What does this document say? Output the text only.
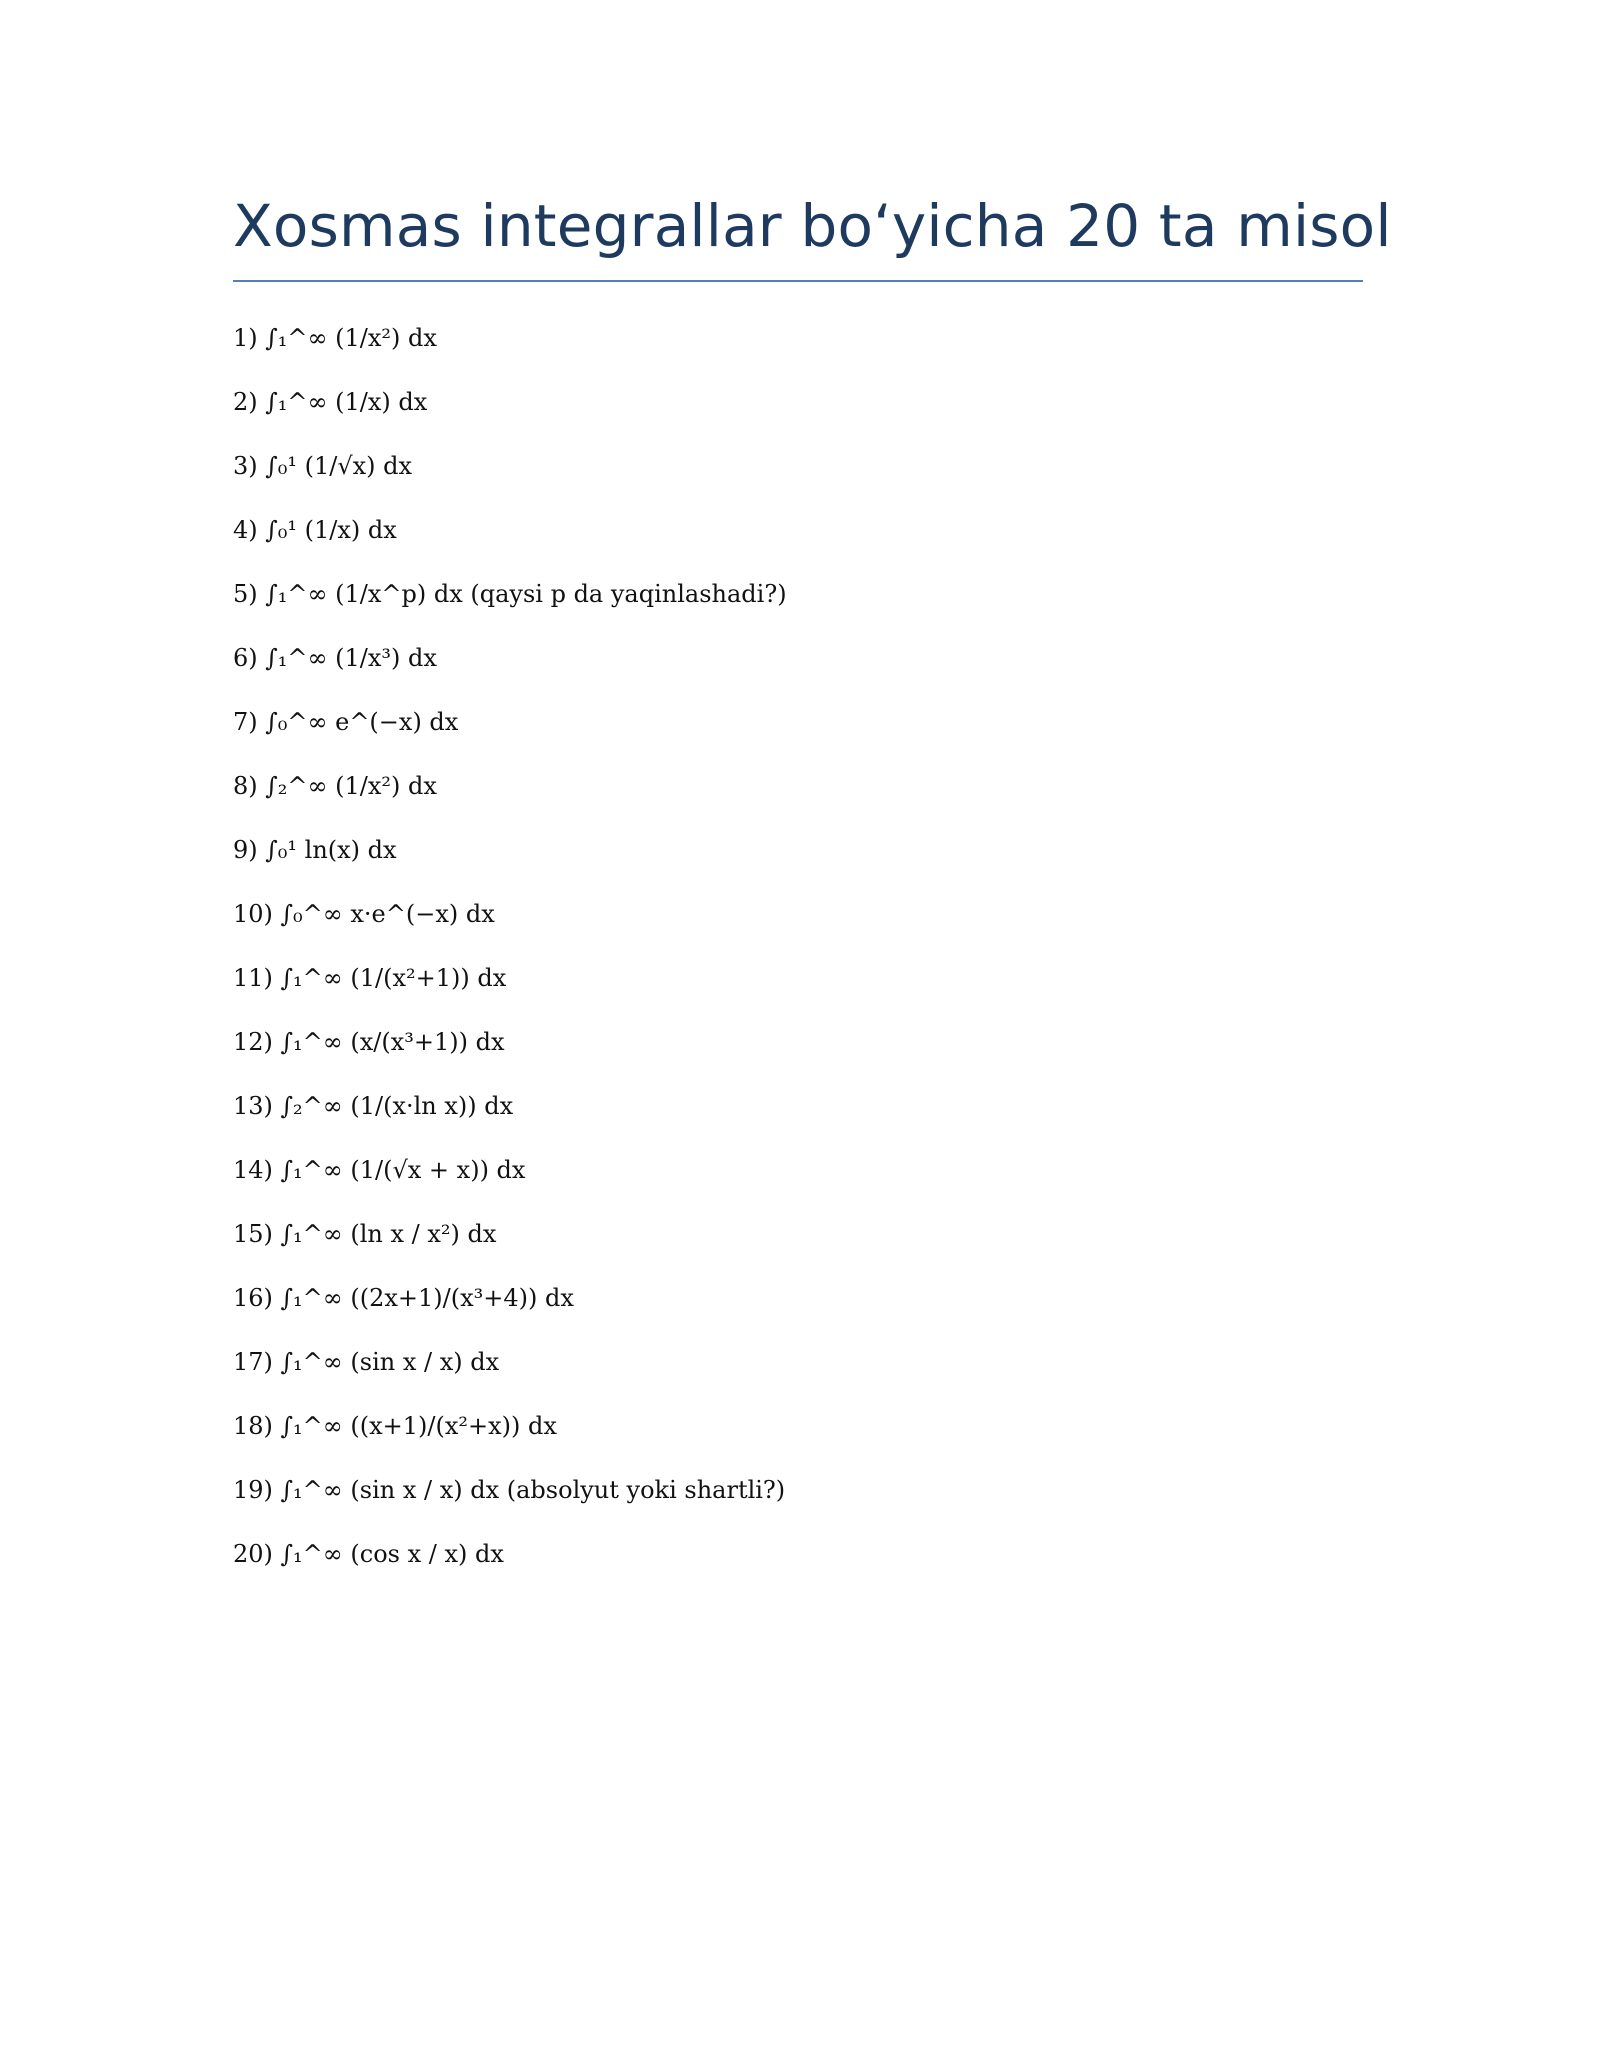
Xosmas integrallar bo‘yicha 20 ta misol
1) ∫₁^∞ (1/x²) dx
2) ∫₁^∞ (1/x) dx
3) ∫₀¹ (1/√x) dx
4) ∫₀¹ (1/x) dx
5) ∫₁^∞ (1/x^p) dx (qaysi p da yaqinlashadi?)
6) ∫₁^∞ (1/x³) dx
7) ∫₀^∞ e^(−x) dx
8) ∫₂^∞ (1/x²) dx
9) ∫₀¹ ln(x) dx
10) ∫₀^∞ x·e^(−x) dx
11) ∫₁^∞ (1/(x²+1)) dx
12) ∫₁^∞ (x/(x³+1)) dx
13) ∫₂^∞ (1/(x·ln x)) dx
14) ∫₁^∞ (1/(√x + x)) dx
15) ∫₁^∞ (ln x / x²) dx
16) ∫₁^∞ ((2x+1)/(x³+4)) dx
17) ∫₁^∞ (sin x / x) dx
18) ∫₁^∞ ((x+1)/(x²+x)) dx
19) ∫₁^∞ (sin x / x) dx (absolyut yoki shartli?)
20) ∫₁^∞ (cos x / x) dx
